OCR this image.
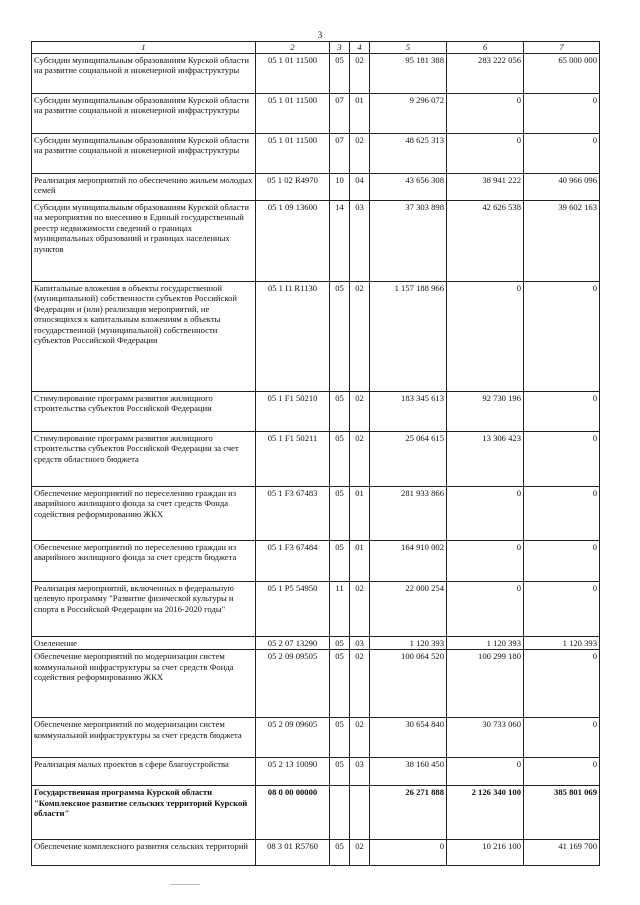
3
1	2	3	4	5	6	7
Субсидии муниципальным образованиям Курской области на развитие социальной и инженерной инфраструктуры	05 1 01 11500	05	02	95 181 388	283 222 056	65 000 000
Субсидии муниципальным образованиям Курской области на развитие социальной и инженерной инфраструктуры	05 1 01 11500	07	01	9 296 072	0	0
Субсидии муниципальным образованиям Курской области на развитие социальной и инженерной инфраструктуры	05 1 01 11500	07	02	48 625 313	0	0
Реализация мероприятий по обеспечению жильем молодых семей	05 1 02 R4970	10	04	43 656 308	38 941 222	40 966 096
Субсидии муниципальным образованиям Курской области на мероприятия по внесению в Единый государственный реестр недвижимости сведений о границах муниципальных образований и границах населенных пунктов	05 1 09 13600	14	03	37 303 898	42 626 538	39 602 163
Капитальные вложения в объекты государственной (муниципальной) собственности субъектов Российской Федерации и (или) реализация мероприятий, не относящихся к капитальным вложениям в объекты государственной (муниципальной) собственности субъектов Российской Федерации	05 1 I1 R1130	05	02	1 157 188 966	0	0
Стимулирование программ развития жилищного строительства субъектов Российской Федерации	05 1 F1 50210	05	02	183 345 613	92 730 196	0
Стимулирование программ развития жилищного строительства субъектов Российской Федерации за счет средств областного бюджета	05 1 F1 50211	05	02	25 064 615	13 306 423	0
Обеспечение мероприятий по переселению граждан из аварийного жилищного фонда за счет средств Фонда содействия реформированию ЖКХ	05 1 F3 67483	05	01	281 933 866	0	0
Обеспечение мероприятий по переселению граждан из аварийного жилищного фонда за счет средств бюджета	05 1 F3 67484	05	01	164 910 002	0	0
Реализация мероприятий, включенных в федеральную целевую программу "Развитие физической культуры и спорта в Российской Федерации на 2016-2020 годы"	05 1 P5 54950	11	02	22 000 254	0	0
Озеленение	05 2 07 13290	05	03	1 120 393	1 120 393	1 120 393
Обеспечение мероприятий по модернизации систем коммунальной инфраструктуры за счет средств Фонда содействия реформированию ЖКХ	05 2 09 09505	05	02	100 064 520	100 299 180	0
Обеспечение мероприятий по модернизации систем коммунальной инфраструктуры за счет средств бюджета	05 2 09 09605	05	02	30 654 840	30 733 060	0
Реализация малых проектов в сфере благоустройства	05 2 13 10090	05	03	38 160 450	0	0
Государственная программа Курской области "Комплексное развитие сельских территорий Курской области"	08 0 00 00000			26 271 888	2 126 340 100	385 801 069
Обеспечение комплексного развития сельских территорий	08 3 01 R5760	05	02	0	10 216 100	41 169 700
